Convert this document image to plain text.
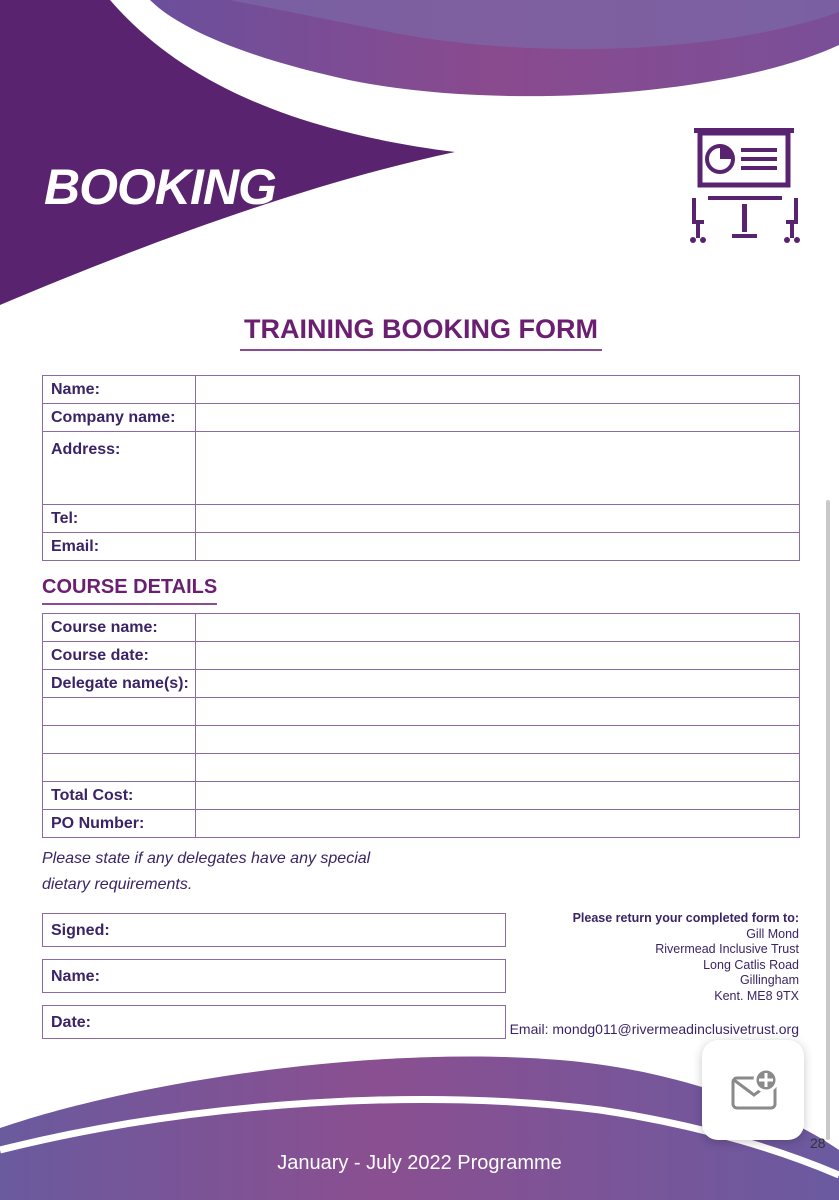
BOOKING
TRAINING BOOKING FORM
Name:	
Company name:	
Address:	
Tel:	
Email:	
COURSE DETAILS
Course name:	
Course date:	
Delegate name(s):	

Total Cost:	
PO Number:	
Please state if any delegates have any special dietary requirements.
Signed:
Name:
Date:
Please return your completed form to:
Gill Mond
Rivermead Inclusive Trust
Long Catlis Road
Gillingham
Kent. ME8 9TX
Email: mondg011@rivermeadinclusivetrust.org
January - July 2022 Programme
28
